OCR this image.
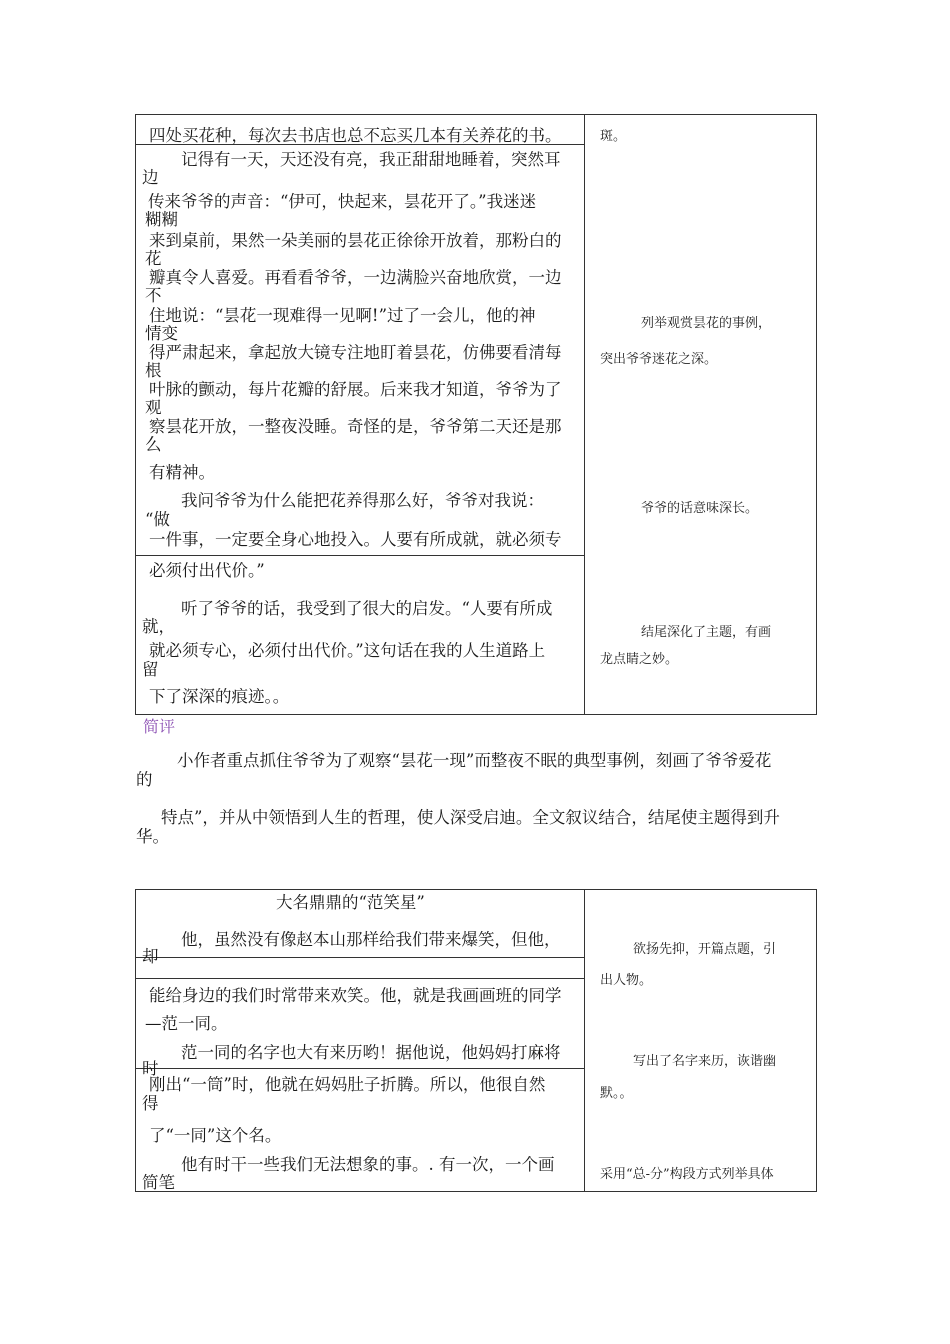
四处买花种，每次去书店也总不忘买几本有关养花的书。
记得有一天，天还没有亮，我正甜甜地睡着，突然耳
边
传来爷爷的声音：“伊可，快起来，昙花开了。”我迷迷
糊糊
来到桌前，果然一朵美丽的昙花正徐徐开放着，那粉白的
花
瓣真令人喜爱。再看看爷爷，一边满脸兴奋地欣赏，一边
不
住地说：“昙花一现难得一见啊!”过了一会儿，他的神
情变
得严肃起来，拿起放大镜专注地盯着昙花，仿佛要看清每
根
叶脉的颤动，每片花瓣的舒展。后来我才知道，爷爷为了
观
察昙花开放，一整夜没睡。奇怪的是，爷爷第二天还是那
么
有精神。
我问爷爷为什么能把花养得那么好，爷爷对我说：
“做
一件事，一定要全身心地投入。人要有所成就，就必须专
必须付出代价。”
听了爷爷的话，我受到了很大的启发。“人要有所成
就，
就必须专心，必须付出代价。”这句话在我的人生道路上
留
下了深深的痕迹。。
斑。
列举观赏昙花的事例，
突出爷爷迷花之深。
爷爷的话意味深长。
结尾深化了主题，有画
龙点睛之妙。
简评
小作者重点抓住爷爷为了观察“昙花一现”而整夜不眠的典型事例，刻画了爷爷爱花
的
特点”，并从中领悟到人生的哲理，使人深受启迪。全文叙议结合，结尾使主题得到升
华。
大名鼎鼎的“范笑星”
他，虽然没有像赵本山那样给我们带来爆笑，但他，
却
能给身边的我们时常带来欢笑。他，就是我画画班的同学
—范一同。
范一同的名字也大有来历哟！据他说，他妈妈打麻将
时
刚出“一筒”时，他就在妈妈肚子折腾。所以，他很自然
得
了“一同”这个名。
他有时干一些我们无法想象的事。. 有一次，一个画
简笔
欲扬先抑，开篇点题，引
出人物。
写出了名字来历，诙谐幽
默。。
采用“总-分”构段方式列举具体
